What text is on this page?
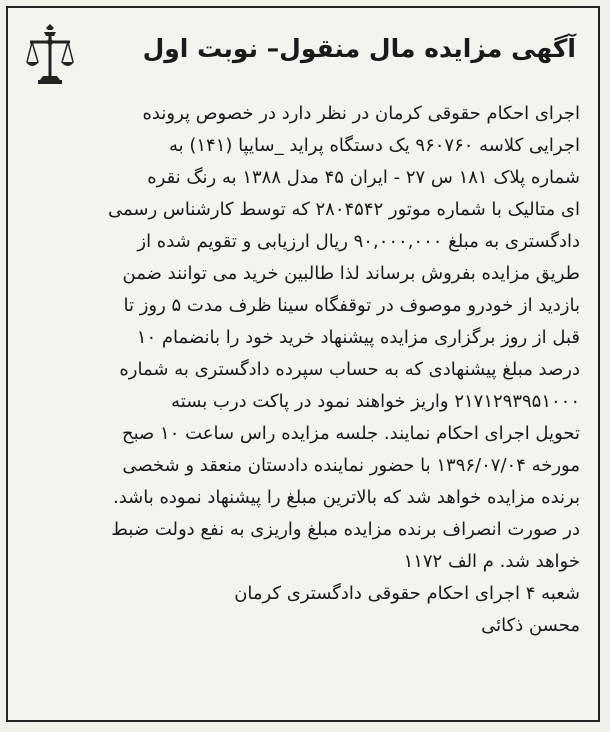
آگهی مزایده مال منقول– نوبت اول
اجرای احکام حقوقی کرمان در نظر دارد در خصوص پرونده
اجرایی کلاسه ۹۶۰۷۶۰ یک دستگاه پراید _سایپا (۱۴۱) به
شماره پلاک ۱۸۱ س ۲۷ - ایران ۴۵ مدل ۱۳۸۸ به رنگ نقره
ای متالیک با شماره موتور ۲۸۰۴۵۴۲ که توسط کارشناس رسمی
دادگستری به مبلغ ۹۰,۰۰۰,۰۰۰ ریال ارزیابی و تقویم شده از
طریق مزایده بفروش برساند لذا طالبین خرید می توانند ضمن
بازدید از خودرو موصوف در توقفگاه سینا ظرف مدت ۵ روز تا
قبل از روز برگزاری مزایده پیشنهاد خرید خود را بانضمام ۱۰
درصد مبلغ پیشنهادی که به حساب سپرده دادگستری به شماره
۲۱۷۱۲۹۳۹۵۱۰۰۰ واریز خواهند نمود در پاکت درب بسته
تحویل اجرای احکام نمایند. جلسه مزایده راس ساعت ۱۰ صبح
مورخه ۱۳۹۶/۰۷/۰۴ با حضور نماینده دادستان منعقد و شخصی
برنده مزایده خواهد شد که بالاترین مبلغ را پیشنهاد نموده باشد.
در صورت انصراف برنده مزایده مبلغ واریزی به نفع دولت ضبط
خواهد شد. م الف ۱۱۷۲
شعبه ۴ اجرای احکام حقوقی دادگستری کرمان
محسن ذکائی
